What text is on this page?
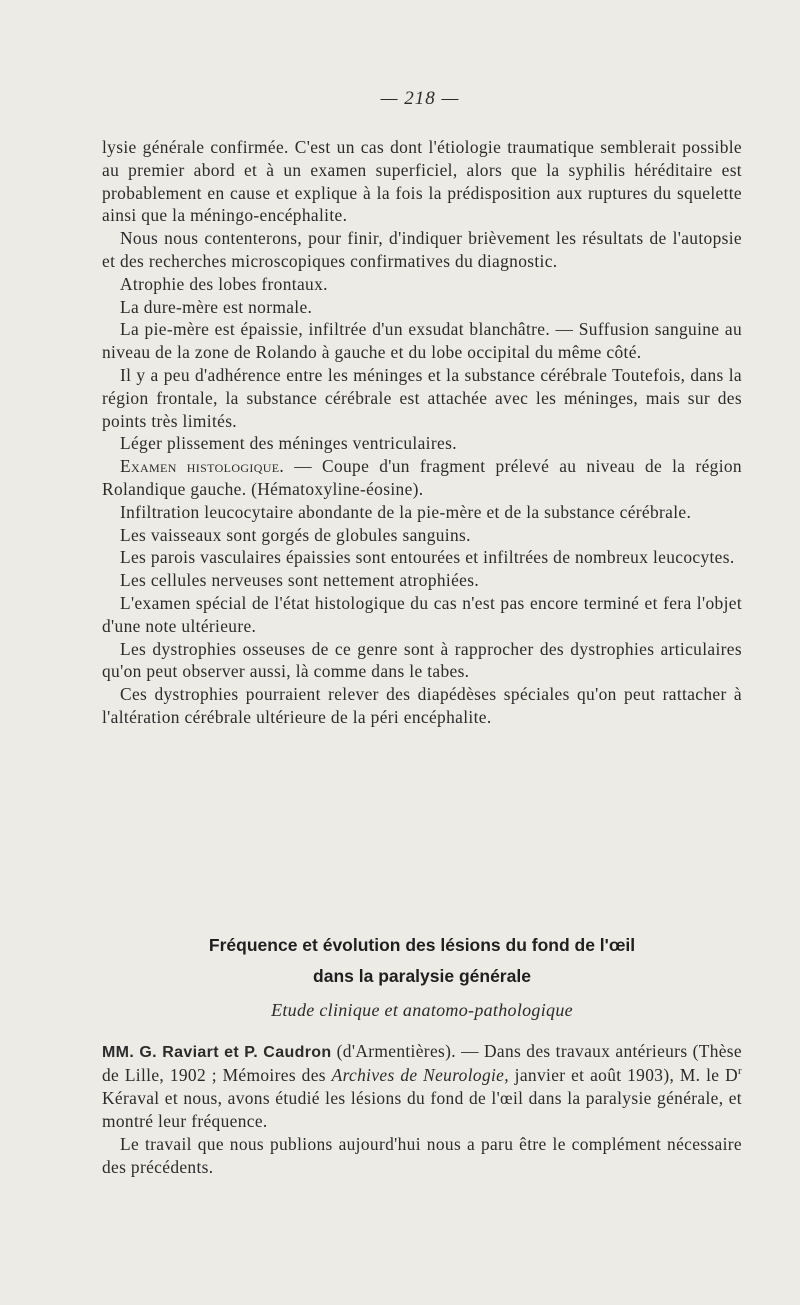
— 218 —

lysie générale confirmée. C'est un cas dont l'étiologie traumatique semblerait possible au premier abord et à un examen superficiel, alors que la syphilis héréditaire est probablement en cause et explique à la fois la prédisposition aux ruptures du squelette ainsi que la méningo-encéphalite.

Nous nous contenterons, pour finir, d'indiquer brièvement les résultats de l'autopsie et des recherches microscopiques confirmatives du diagnostic.

Atrophie des lobes frontaux.

La dure-mère est normale.

La pie-mère est épaissie, infiltrée d'un exsudat blanchâtre. — Suffusion sanguine au niveau de la zone de Rolando à gauche et du lobe occipital du même côté.

Il y a peu d'adhérence entre les méninges et la substance cérébrale Toutefois, dans la région frontale, la substance cérébrale est attachée avec les méninges, mais sur des points très limités.

Léger plissement des méninges ventriculaires.

Examen histologique. — Coupe d'un fragment prélevé au niveau de la région Rolandique gauche. (Hématoxyline-éosine).

Infiltration leucocytaire abondante de la pie-mère et de la substance cérébrale.

Les vaisseaux sont gorgés de globules sanguins.

Les parois vasculaires épaissies sont entourées et infiltrées de nombreux leucocytes.

Les cellules nerveuses sont nettement atrophiées.

L'examen spécial de l'état histologique du cas n'est pas encore terminé et fera l'objet d'une note ultérieure.

Les dystrophies osseuses de ce genre sont à rapprocher des dystrophies articulaires qu'on peut observer aussi, là comme dans le tabes.

Ces dystrophies pourraient relever des diapédèses spéciales qu'on peut rattacher à l'altération cérébrale ultérieure de la péri encéphalite.

Fréquence et évolution des lésions du fond de l'œil
dans la paralysie générale
Etude clinique et anatomo-pathologique

MM. G. Raviart et P. Caudron (d'Armentières). — Dans des travaux antérieurs (Thèse de Lille, 1902 ; Mémoires des Archives de Neurologie, janvier et août 1903), M. le $D^r$ Kéraval et nous, avons étudié les lésions du fond de l'œil dans la paralysie générale, et montré leur fréquence.

Le travail que nous publions aujourd'hui nous a paru être le complément nécessaire des précédents.
